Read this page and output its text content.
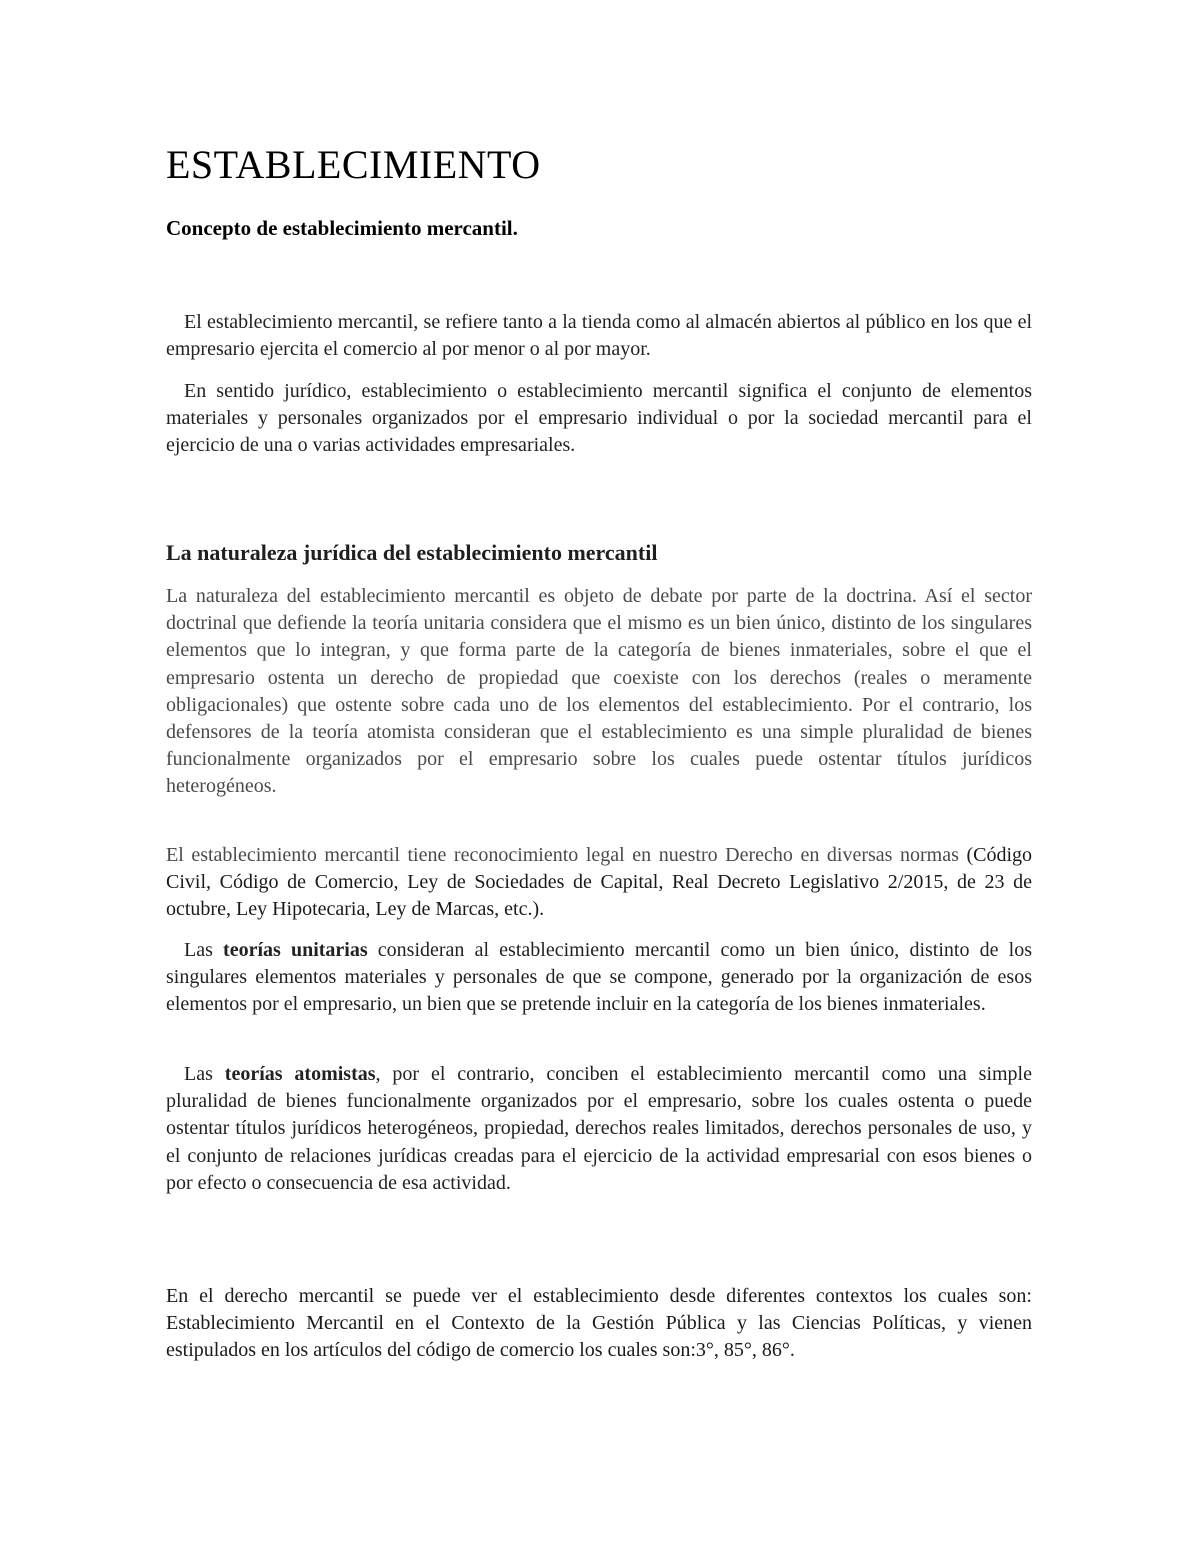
ESTABLECIMIENTO
Concepto de establecimiento mercantil.

El establecimiento mercantil, se refiere tanto a la tienda como al almacén abiertos al público en los que el empresario ejercita el comercio al por menor o al por mayor.

En sentido jurídico, establecimiento o establecimiento mercantil significa el conjunto de elementos materiales y personales organizados por el empresario individual o por la sociedad mercantil para el ejercicio de una o varias actividades empresariales.

La naturaleza jurídica del establecimiento mercantil

La naturaleza del establecimiento mercantil es objeto de debate por parte de la doctrina. Así el sector doctrinal que defiende la teoría unitaria considera que el mismo es un bien único, distinto de los singulares elementos que lo integran, y que forma parte de la categoría de bienes inmateriales, sobre el que el empresario ostenta un derecho de propiedad que coexiste con los derechos (reales o meramente obligacionales) que ostente sobre cada uno de los elementos del establecimiento. Por el contrario, los defensores de la teoría atomista consideran que el establecimiento es una simple pluralidad de bienes funcionalmente organizados por el empresario sobre los cuales puede ostentar títulos jurídicos heterogéneos.

El establecimiento mercantil tiene reconocimiento legal en nuestro Derecho en diversas normas (Código Civil, Código de Comercio, Ley de Sociedades de Capital, Real Decreto Legislativo 2/2015, de 23 de octubre, Ley Hipotecaria, Ley de Marcas, etc.).

Las teorías unitarias consideran al establecimiento mercantil como un bien único, distinto de los singulares elementos materiales y personales de que se compone, generado por la organización de esos elementos por el empresario, un bien que se pretende incluir en la categoría de los bienes inmateriales.

Las teorías atomistas, por el contrario, conciben el establecimiento mercantil como una simple pluralidad de bienes funcionalmente organizados por el empresario, sobre los cuales ostenta o puede ostentar títulos jurídicos heterogéneos, propiedad, derechos reales limitados, derechos personales de uso, y el conjunto de relaciones jurídicas creadas para el ejercicio de la actividad empresarial con esos bienes o por efecto o consecuencia de esa actividad.

En el derecho mercantil se puede ver el establecimiento desde diferentes contextos los cuales son: Establecimiento Mercantil en el Contexto de la Gestión Pública y las Ciencias Políticas, y vienen estipulados en los artículos del código de comercio los cuales son:3°, 85°, 86°.
